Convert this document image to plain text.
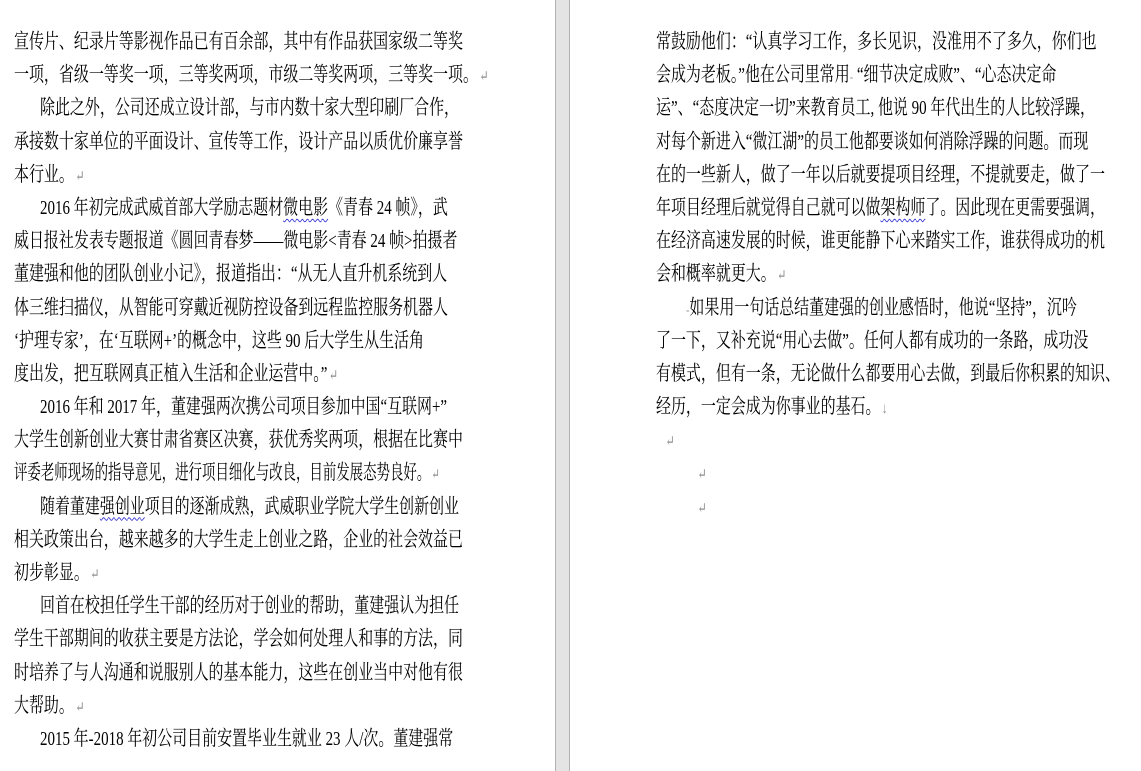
宣传片、纪录片等影视作品已有百余部，其中有作品获国家级二等奖
一项，省级一等奖一项，三等奖两项，市级二等奖两项，三等奖一项。↵
除此之外，公司还成立设计部，与市内数十家大型印刷厂合作，
承接数十家单位的平面设计、宣传等工作，设计产品以质优价廉享誉
本行业。↵
2016 年初完成武威首部大学励志题材微电影《青春 24 帧》，武
威日报社发表专题报道《圆回青春梦——微电影<青春 24 帧>拍摄者
董建强和他的团队创业小记》，报道指出：“从无人直升机系统到人
体三维扫描仪，从智能可穿戴近视防控设备到远程监控服务机器人
‘护理专家’，在‘互联网+’的概念中，这些 90 后大学生从生活角
度出发，把互联网真正植入生活和企业运营中。”↵
2016 年和 2017 年，董建强两次携公司项目参加中国“互联网+”
大学生创新创业大赛甘肃省赛区决赛，获优秀奖两项，根据在比赛中
评委老师现场的指导意见，进行项目细化与改良，目前发展态势良好。↵
随着董建强创业项目的逐渐成熟，武威职业学院大学生创新创业
相关政策出台，越来越多的大学生走上创业之路，企业的社会效益已
初步彰显。↵
回首在校担任学生干部的经历对于创业的帮助，董建强认为担任
学生干部期间的收获主要是方法论，学会如何处理人和事的方法，同
时培养了与人沟通和说服别人的基本能力，这些在创业当中对他有很
大帮助。↵
2015 年-2018 年初公司目前安置毕业生就业 23 人/次。董建强常
常鼓励他们：“认真学习工作，多长见识，没准用不了多久，你们也
会成为老板。”他在公司里常用- “细节决定成败”、“心态决定命
运”、“态度决定一切”来教育员工, 他说 90 年代出生的人比较浮躁，
对每个新进入“微江湖”的员工他都要谈如何消除浮躁的问题。而现
在的一些新人，做了一年以后就要提项目经理，不提就要走，做了一
年项目经理后就觉得自己就可以做架构师了。因此现在更需要强调，
在经济高速发展的时候，谁更能静下心来踏实工作，谁获得成功的机
会和概率就更大。↵
-如果用一句话总结董建强的创业感悟时，他说“坚持”，沉吟
了一下，又补充说“用心去做”。任何人都有成功的一条路，成功没
有模式，但有一条，无论做什么都要用心去做，到最后你积累的知识、
经历，一定会成为你事业的基石。↓
↵
↵
↵
